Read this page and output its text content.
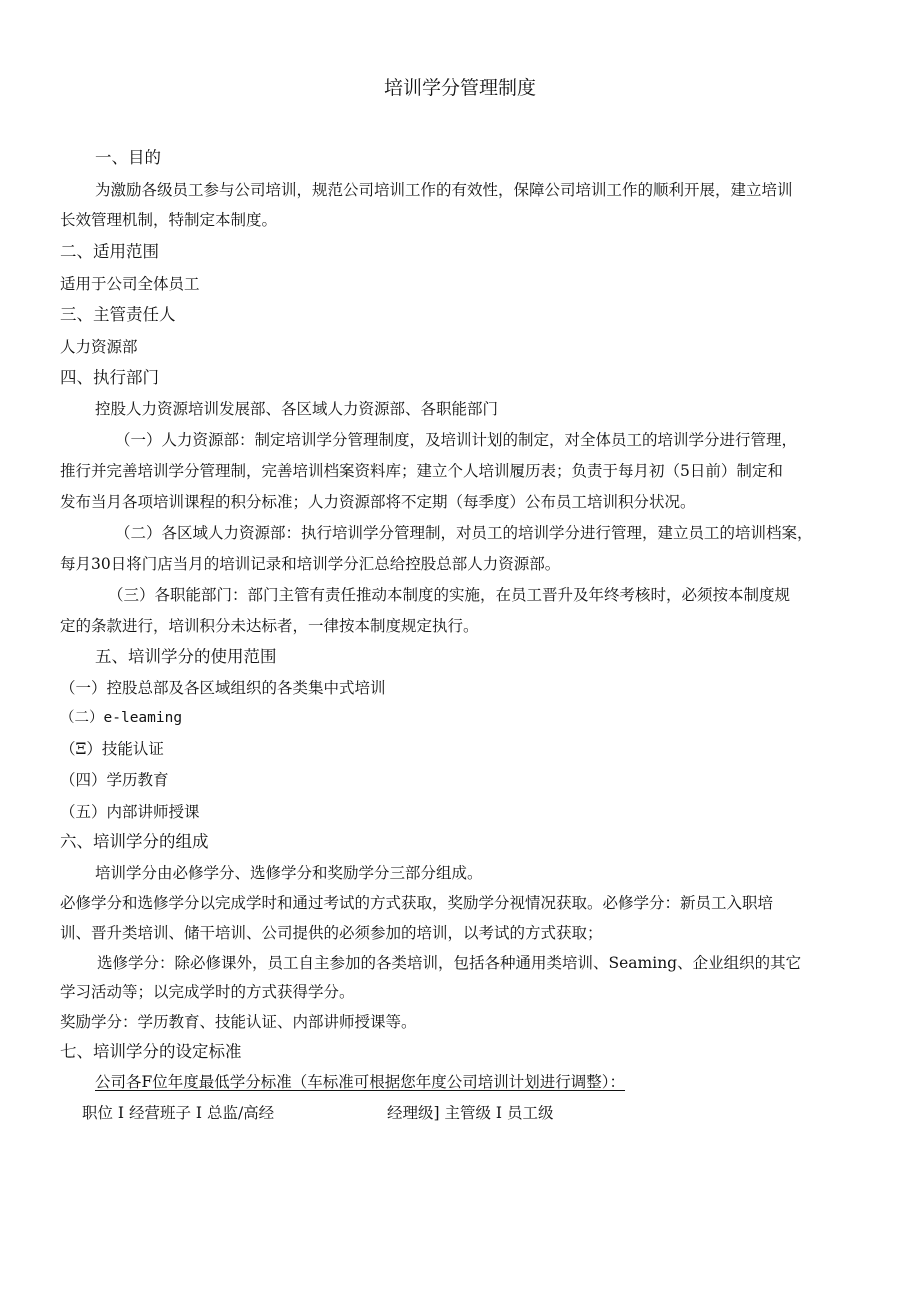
培训学分管理制度
一、目的
为激励各级员工参与公司培训，规范公司培训工作的有效性，保障公司培训工作的顺利开展，建立培训
长效管理机制，特制定本制度。
二、适用范围
适用于公司全体员工
三、主管责任人
人力资源部
四、执行部门
控股人力资源培训发展部、各区域人力资源部、各职能部门
（一）人力资源部：制定培训学分管理制度，及培训计划的制定，对全体员工的培训学分进行管理，
推行并完善培训学分管理制，完善培训档案资料库；建立个人培训履历表；负责于每月初（5日前）制定和
发布当月各项培训课程的积分标准；人力资源部将不定期（每季度）公布员工培训积分状况。
（二）各区域人力资源部：执行培训学分管理制，对员工的培训学分进行管理，建立员工的培训档案，
每月30日将门店当月的培训记录和培训学分汇总给控股总部人力资源部。
（三）各职能部门：部门主管有责任推动本制度的实施，在员工晋升及年终考核时，必须按本制度规
定的条款进行，培训积分未达标者，一律按本制度规定执行。
五、培训学分的使用范围
（一）控股总部及各区域组织的各类集中式培训
（二）e-leaming
（Ξ）技能认证
（四）学历教育
（五）内部讲师授课
六、培训学分的组成
培训学分由必修学分、选修学分和奖励学分三部分组成。
必修学分和选修学分以完成学时和通过考试的方式获取，奖励学分视情况获取。必修学分：新员工入职培
训、晋升类培训、储干培训、公司提供的必须参加的培训，以考试的方式获取；
选修学分：除必修课外，员工自主参加的各类培训，包括各种通用类培训、Seaming、企业组织的其它
学习活动等；以完成学时的方式获得学分。
奖励学分：学历教育、技能认证、内部讲师授课等。
七、培训学分的设定标准
公司各F位年度最低学分标准（车标准可根据您年度公司培训计划进行调整）：
职位 I 经营班子 I 总监/高经	经理级] 主管级 I 员工级
